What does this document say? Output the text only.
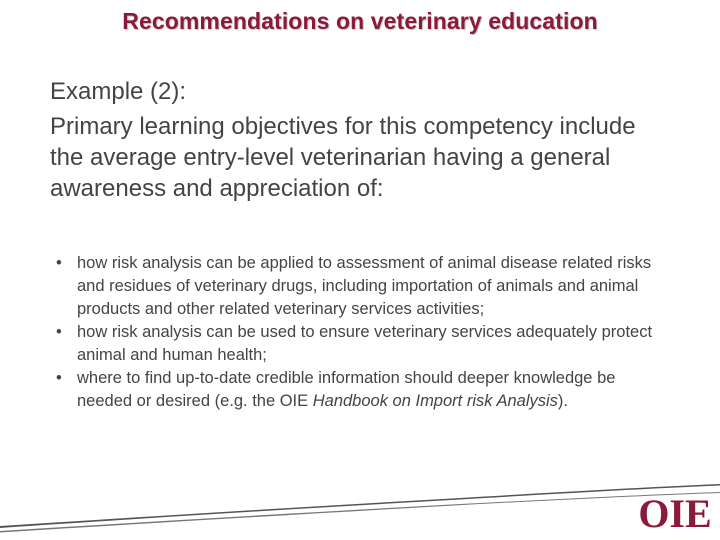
Recommendations on veterinary education

Example (2):

Primary learning objectives for this competency include the average entry-level veterinarian having a general awareness and appreciation of:

• how risk analysis can be applied to assessment of animal disease related risks and residues of veterinary drugs, including importation of animals and animal products and other related veterinary services activities;
• how risk analysis can be used to ensure veterinary services adequately protect animal and human health;
• where to find up-to-date credible information should deeper knowledge be needed or desired (e.g. the OIE Handbook on Import risk Analysis).
OIE
